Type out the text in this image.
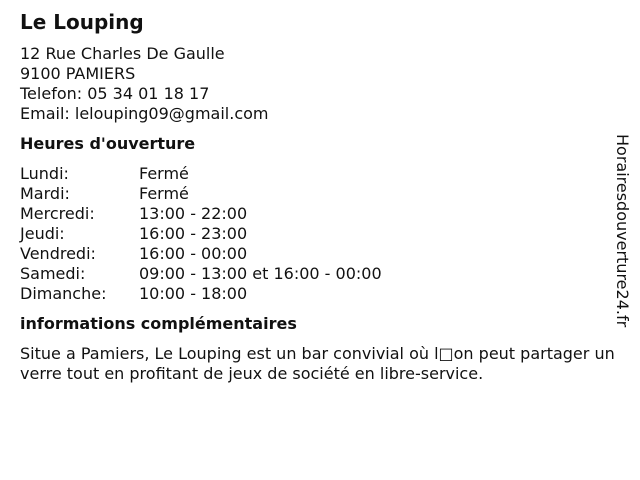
Le Louping
12 Rue Charles De Gaulle
9100 PAMIERS
Telefon: 05 34 01 18 17
Email: lelouping09@gmail.com
Heures d'ouverture
Lundi:	Fermé
Mardi:	Fermé
Mercredi:	13:00 - 22:00
Jeudi:	16:00 - 23:00
Vendredi:	16:00 - 00:00
Samedi:	09:00 - 13:00 et 16:00 - 00:00
Dimanche:	10:00 - 18:00
informations complémentaires
Situe a Pamiers, Le Louping est un bar convivial où l□on peut partager un verre tout en profitant de jeux de société en libre-service.
Horairesdouverture24.fr
